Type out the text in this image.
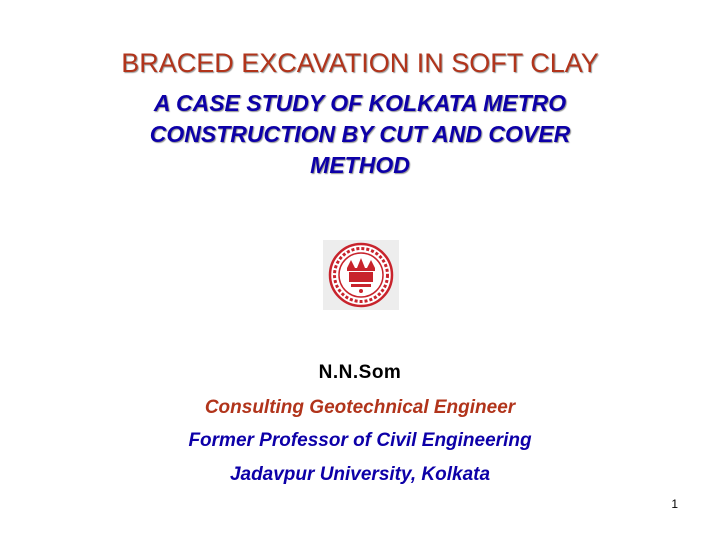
BRACED EXCAVATION IN SOFT CLAY
A CASE STUDY OF KOLKATA METRO
CONSTRUCTION BY CUT AND COVER
METHOD
N.N.Som
Consulting Geotechnical Engineer
Former Professor of Civil Engineering
Jadavpur University, Kolkata
1
